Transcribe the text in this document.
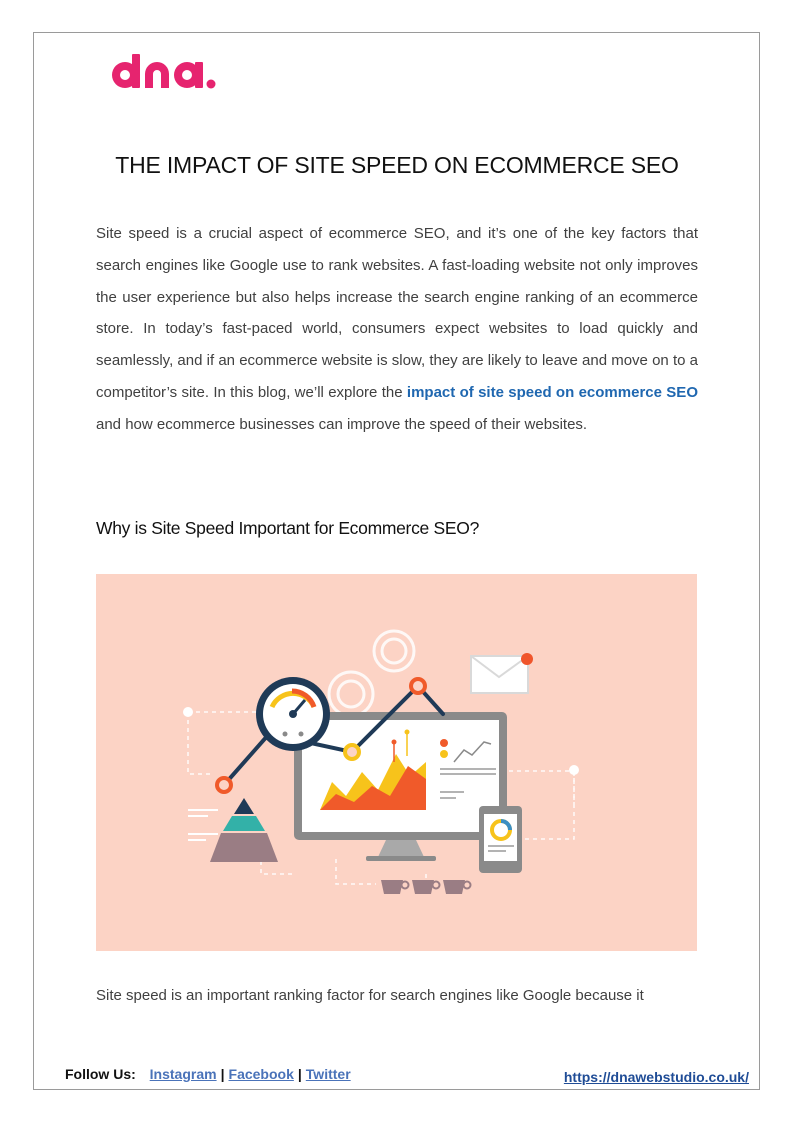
THE IMPACT OF SITE SPEED ON ECOMMERCE SEO

Site speed is a crucial aspect of ecommerce SEO, and it’s one of the key factors that search engines like Google use to rank websites. A fast-loading website not only improves the user experience but also helps increase the search engine ranking of an ecommerce store. In today’s fast-paced world, consumers expect websites to load quickly and seamlessly, and if an ecommerce website is slow, they are likely to leave and move on to a competitor’s site. In this blog, we’ll explore the impact of site speed on ecommerce SEO and how ecommerce businesses can improve the speed of their websites.

Why is Site Speed Important for Ecommerce SEO?

Site speed is an important ranking factor for search engines like Google because it

Follow Us: Instagram | Facebook | Twitter	https://dnawebstudio.co.uk/
